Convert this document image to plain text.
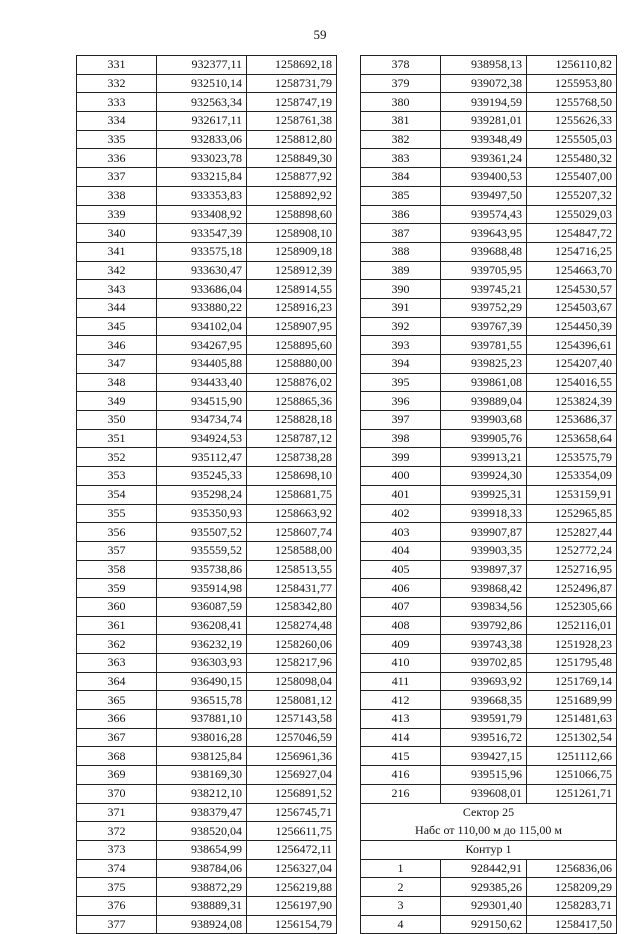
59
331	932377,11	1258692,18
332	932510,14	1258731,79
333	932563,34	1258747,19
334	932617,11	1258761,38
335	932833,06	1258812,80
336	933023,78	1258849,30
337	933215,84	1258877,92
338	933353,83	1258892,92
339	933408,92	1258898,60
340	933547,39	1258908,10
341	933575,18	1258909,18
342	933630,47	1258912,39
343	933686,04	1258914,55
344	933880,22	1258916,23
345	934102,04	1258907,95
346	934267,95	1258895,60
347	934405,88	1258880,00
348	934433,40	1258876,02
349	934515,90	1258865,36
350	934734,74	1258828,18
351	934924,53	1258787,12
352	935112,47	1258738,28
353	935245,33	1258698,10
354	935298,24	1258681,75
355	935350,93	1258663,92
356	935507,52	1258607,74
357	935559,52	1258588,00
358	935738,86	1258513,55
359	935914,98	1258431,77
360	936087,59	1258342,80
361	936208,41	1258274,48
362	936232,19	1258260,06
363	936303,93	1258217,96
364	936490,15	1258098,04
365	936515,78	1258081,12
366	937881,10	1257143,58
367	938016,28	1257046,59
368	938125,84	1256961,36
369	938169,30	1256927,04
370	938212,10	1256891,52
371	938379,47	1256745,71
372	938520,04	1256611,75
373	938654,99	1256472,11
374	938784,06	1256327,04
375	938872,29	1256219,88
376	938889,31	1256197,90
377	938924,08	1256154,79
378	938958,13	1256110,82
379	939072,38	1255953,80
380	939194,59	1255768,50
381	939281,01	1255626,33
382	939348,49	1255505,03
383	939361,24	1255480,32
384	939400,53	1255407,00
385	939497,50	1255207,32
386	939574,43	1255029,03
387	939643,95	1254847,72
388	939688,48	1254716,25
389	939705,95	1254663,70
390	939745,21	1254530,57
391	939752,29	1254503,67
392	939767,39	1254450,39
393	939781,55	1254396,61
394	939825,23	1254207,40
395	939861,08	1254016,55
396	939889,04	1253824,39
397	939903,68	1253686,37
398	939905,76	1253658,64
399	939913,21	1253575,79
400	939924,30	1253354,09
401	939925,31	1253159,91
402	939918,33	1252965,85
403	939907,87	1252827,44
404	939903,35	1252772,24
405	939897,37	1252716,95
406	939868,42	1252496,87
407	939834,56	1252305,66
408	939792,86	1252116,01
409	939743,38	1251928,23
410	939702,85	1251795,48
411	939693,92	1251769,14
412	939668,35	1251689,99
413	939591,79	1251481,63
414	939516,72	1251302,54
415	939427,15	1251112,66
416	939515,96	1251066,75
216	939608,01	1251261,71
Сектор 25		
Набс от 110,00 м до 115,00 м		
Контур 1		
1	928442,91	1256836,06
2	929385,26	1258209,29
3	929301,40	1258283,71
4	929150,62	1258417,50
